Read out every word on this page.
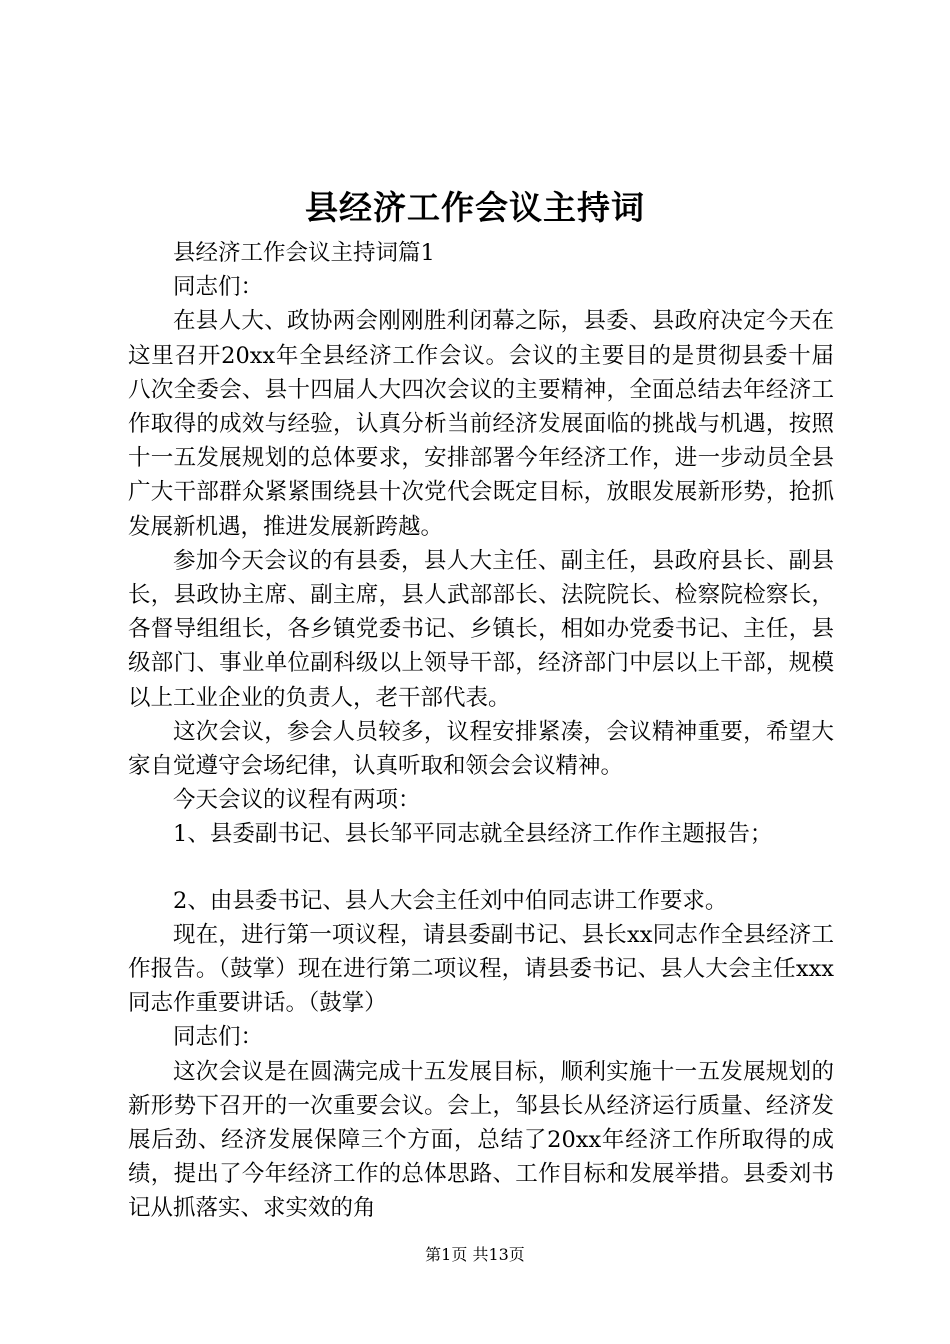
县经济工作会议主持词

县经济工作会议主持词篇1

同志们：

在县人大、政协两会刚刚胜利闭幕之际，县委、县政府决定今天在这里召开20xx年全县经济工作会议。会议的主要目的是贯彻县委十届八次全委会、县十四届人大四次会议的主要精神，全面总结去年经济工作取得的成效与经验，认真分析当前经济发展面临的挑战与机遇，按照十一五发展规划的总体要求，安排部署今年经济工作，进一步动员全县广大干部群众紧紧围绕县十次党代会既定目标，放眼发展新形势，抢抓发展新机遇，推进发展新跨越。

参加今天会议的有县委，县人大主任、副主任，县政府县长、副县长，县政协主席、副主席，县人武部部长、法院院长、检察院检察长，各督导组组长，各乡镇党委书记、乡镇长，相如办党委书记、主任，县级部门、事业单位副科级以上领导干部，经济部门中层以上干部，规模以上工业企业的负责人，老干部代表。

这次会议，参会人员较多，议程安排紧凑，会议精神重要，希望大家自觉遵守会场纪律，认真听取和领会会议精神。

今天会议的议程有两项：

1、县委副书记、县长邹平同志就全县经济工作作主题报告；

2、由县委书记、县人大会主任刘中伯同志讲工作要求。

现在，进行第一项议程，请县委副书记、县长xx同志作全县经济工作报告。（鼓掌）现在进行第二项议程，请县委书记、县人大会主任xxx同志作重要讲话。（鼓掌）

同志们：

这次会议是在圆满完成十五发展目标，顺利实施十一五发展规划的新形势下召开的一次重要会议。会上，邹县长从经济运行质量、经济发展后劲、经济发展保障三个方面，总结了20xx年经济工作所取得的成绩，提出了今年经济工作的总体思路、工作目标和发展举措。县委刘书记从抓落实、求实效的角

第1页 共13页
